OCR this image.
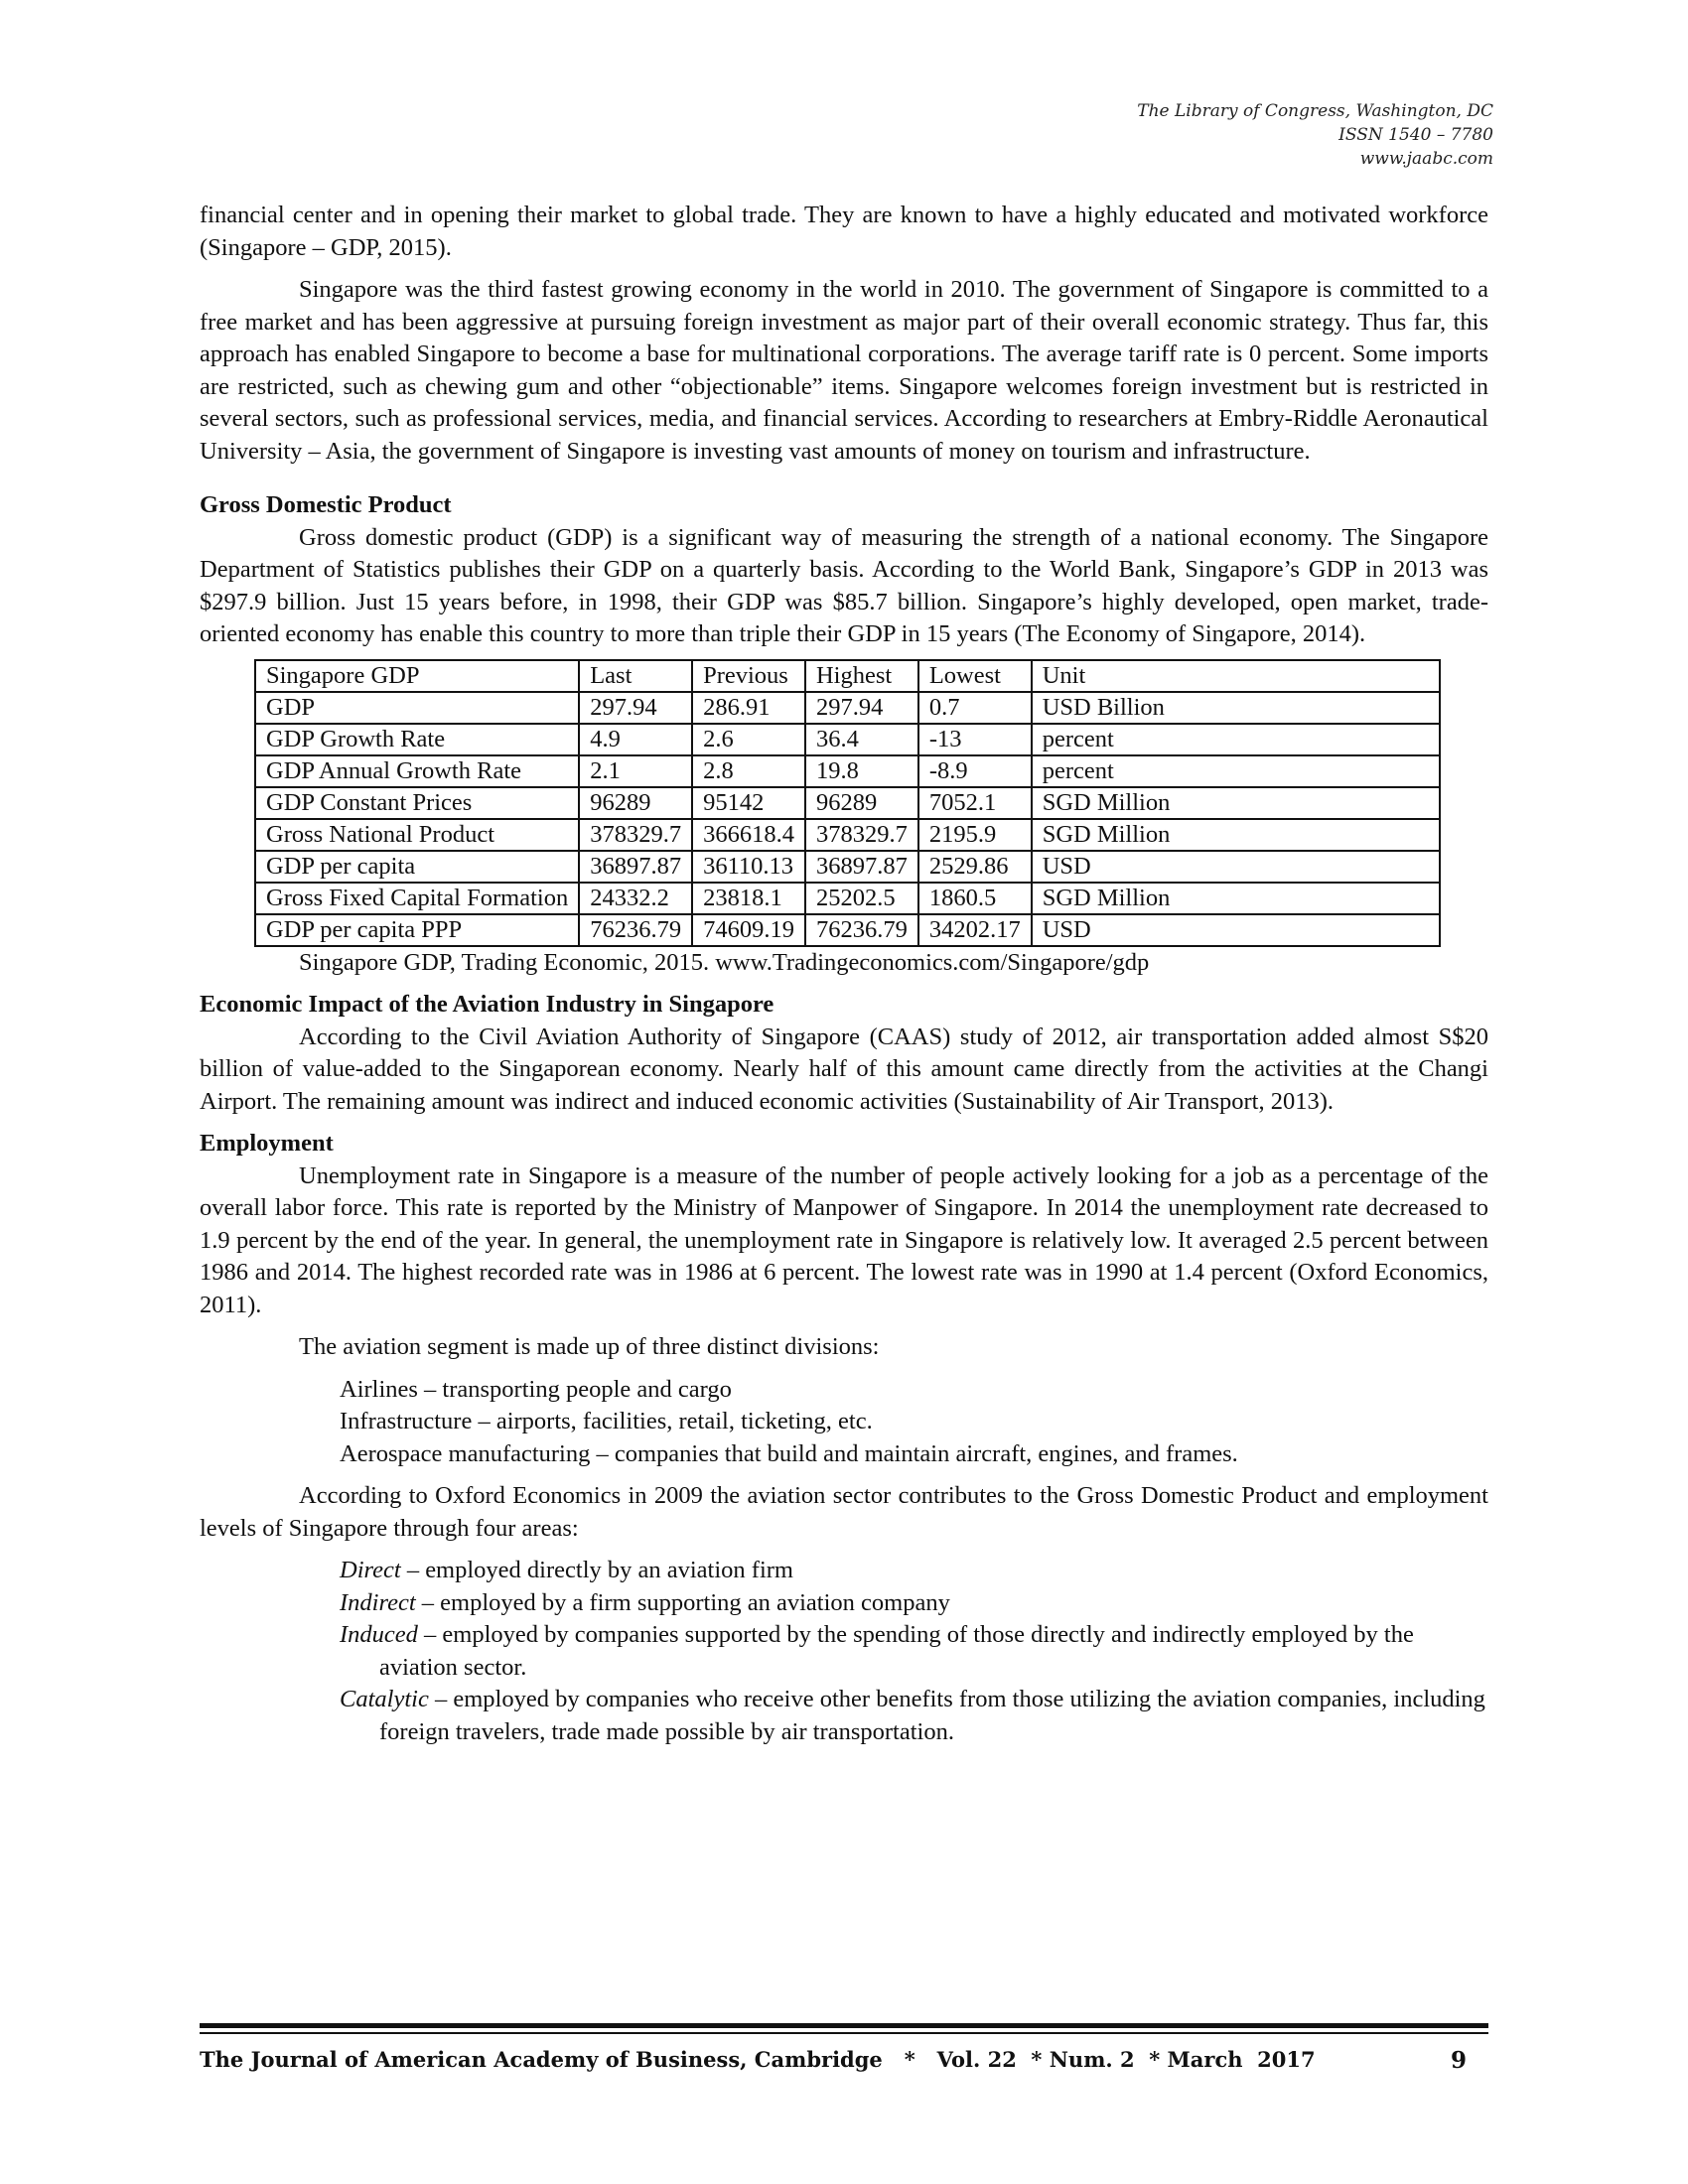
The Library of Congress, Washington, DC
ISSN 1540 – 7780
www.jaabc.com

financial center and in opening their market to global trade. They are known to have a highly educated and motivated workforce (Singapore – GDP, 2015).

Singapore was the third fastest growing economy in the world in 2010. The government of Singapore is committed to a free market and has been aggressive at pursuing foreign investment as major part of their overall economic strategy. Thus far, this approach has enabled Singapore to become a base for multinational corporations. The average tariff rate is 0 percent. Some imports are restricted, such as chewing gum and other “objectionable” items. Singapore welcomes foreign investment but is restricted in several sectors, such as professional services, media, and financial services. According to researchers at Embry-Riddle Aeronautical University – Asia, the government of Singapore is investing vast amounts of money on tourism and infrastructure.

Gross Domestic Product

Gross domestic product (GDP) is a significant way of measuring the strength of a national economy. The Singapore Department of Statistics publishes their GDP on a quarterly basis. According to the World Bank, Singapore’s GDP in 2013 was $297.9 billion. Just 15 years before, in 1998, their GDP was $85.7 billion. Singapore’s highly developed, open market, trade-oriented economy has enable this country to more than triple their GDP in 15 years (The Economy of Singapore, 2014).

Singapore GDP	Last	Previous	Highest	Lowest	Unit
GDP	297.94	286.91	297.94	0.7	USD Billion
GDP Growth Rate	4.9	2.6	36.4	-13	percent
GDP Annual Growth Rate	2.1	2.8	19.8	-8.9	percent
GDP Constant Prices	96289	95142	96289	7052.1	SGD Million
Gross National Product	378329.7	366618.4	378329.7	2195.9	SGD Million
GDP per capita	36897.87	36110.13	36897.87	2529.86	USD
Gross Fixed Capital Formation	24332.2	23818.1	25202.5	1860.5	SGD Million
GDP per capita PPP	76236.79	74609.19	76236.79	34202.17	USD

Singapore GDP, Trading Economic, 2015. www.Tradingeconomics.com/Singapore/gdp

Economic Impact of the Aviation Industry in Singapore

According to the Civil Aviation Authority of Singapore (CAAS) study of 2012, air transportation added almost S$20 billion of value-added to the Singaporean economy. Nearly half of this amount came directly from the activities at the Changi Airport. The remaining amount was indirect and induced economic activities (Sustainability of Air Transport, 2013).

Employment

Unemployment rate in Singapore is a measure of the number of people actively looking for a job as a percentage of the overall labor force. This rate is reported by the Ministry of Manpower of Singapore. In 2014 the unemployment rate decreased to 1.9 percent by the end of the year. In general, the unemployment rate in Singapore is relatively low. It averaged 2.5 percent between 1986 and 2014. The highest recorded rate was in 1986 at 6 percent. The lowest rate was in 1990 at 1.4 percent (Oxford Economics, 2011).

The aviation segment is made up of three distinct divisions:

Airlines – transporting people and cargo

Infrastructure – airports, facilities, retail, ticketing, etc.

Aerospace manufacturing – companies that build and maintain aircraft, engines, and frames.

According to Oxford Economics in 2009 the aviation sector contributes to the Gross Domestic Product and employment levels of Singapore through four areas:

Direct – employed directly by an aviation firm

Indirect – employed by a firm supporting an aviation company

Induced – employed by companies supported by the spending of those directly and indirectly employed by the aviation sector.

Catalytic – employed by companies who receive other benefits from those utilizing the aviation companies, including foreign travelers, trade made possible by air transportation.

The Journal of American Academy of Business, Cambridge   *   Vol. 22  * Num. 2  * March  2017	9
